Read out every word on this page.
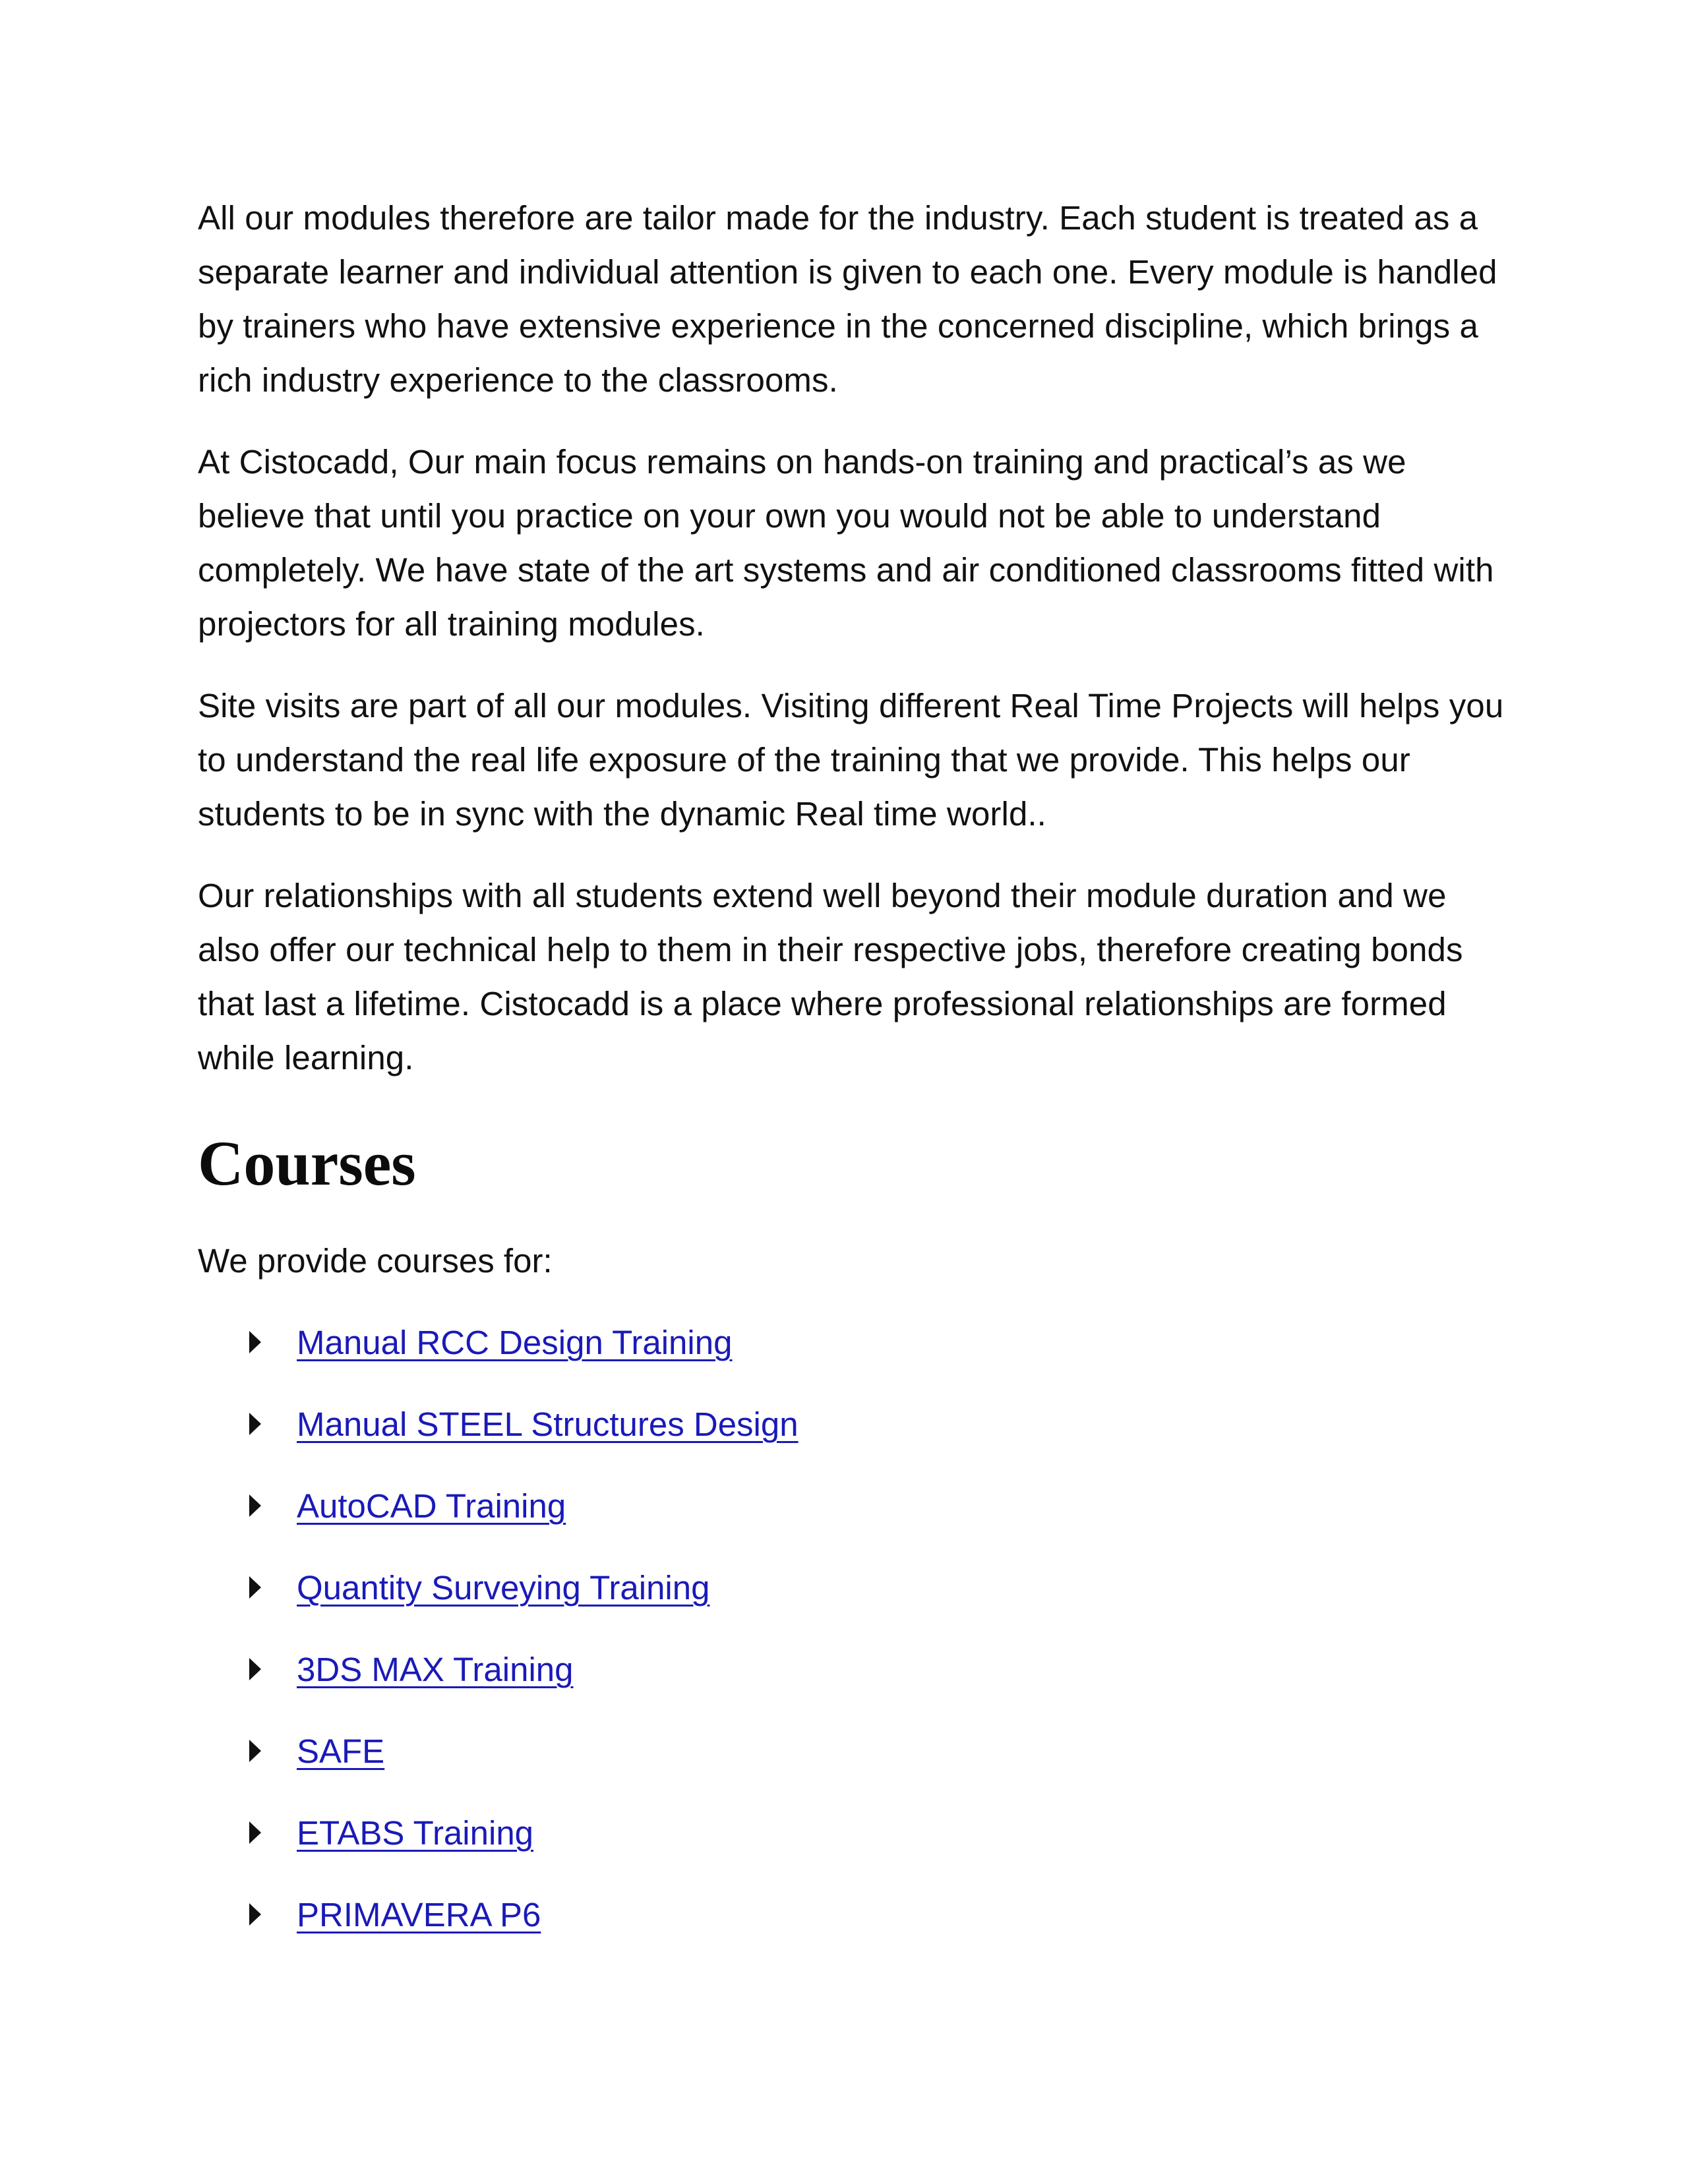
All our modules therefore are tailor made for the industry. Each student is treated as a separate learner and individual attention is given to each one. Every module is handled by trainers who have extensive experience in the concerned discipline, which brings a rich industry experience to the classrooms.

At Cistocadd, Our main focus remains on hands-on training and practical’s as we believe that until you practice on your own you would not be able to understand completely. We have state of the art systems and air conditioned classrooms fitted with projectors for all training modules.

Site visits are part of all our modules. Visiting different Real Time Projects will helps you to understand the real life exposure of the training that we provide. This helps our students to be in sync with the dynamic Real time world..

Our relationships with all students extend well beyond their module duration and we also offer our technical help to them in their respective jobs, therefore creating bonds that last a lifetime. Cistocadd is a place where professional relationships are formed while learning.

Courses

We provide courses for:

Manual RCC Design Training
Manual STEEL Structures Design
AutoCAD Training
Quantity Surveying Training
3DS MAX Training
SAFE
ETABS Training
PRIMAVERA P6
